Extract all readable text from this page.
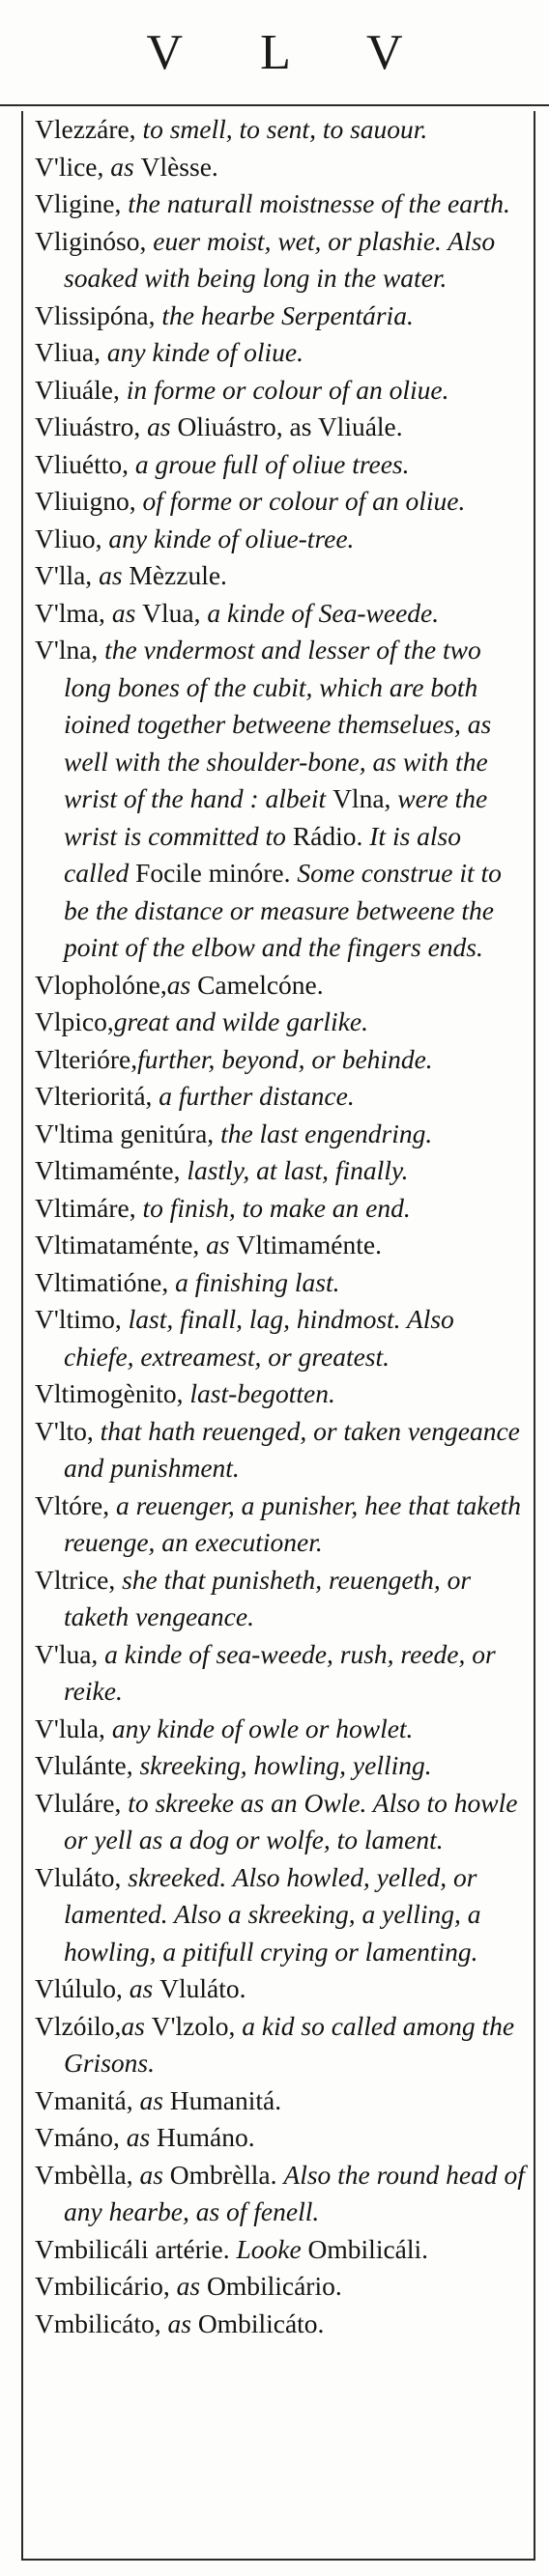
V L V

Vlezzáre, to smell, to sent, to sauour.

V'lice, as Vlèsse.

Vligine, the naturall moistnesse of the earth.

Vliginóso, euer moist, wet, or plashie. Also soaked with being long in the water.

Vlissipóna, the hearbe Serpentária.

Vliua, any kinde of oliue.

Vliuále, in forme or colour of an oliue.

Vliuástro, as Oliuástro, as Vliuále.

Vliuétto, a groue full of oliue trees.

Vliuigno, of forme or colour of an oliue.

Vliuo, any kinde of oliue-tree.

V'lla, as Mèzzule.

V'lma, as Vlua, a kinde of Sea-weede.

V'lna, the vndermost and lesser of the two long bones of the cubit, which are both ioined together betweene themselues, as well with the shoulder-bone, as with the wrist of the hand : albeit Vlna, were the wrist is committed to Rádio. It is also called Focile minóre. Some construe it to be the distance or measure betweene the point of the elbow and the fingers ends.

Vlopholóne,as Camelcóne.

Vlpico,great and wilde garlike.

Vlterióre,further, beyond, or behinde.

Vlterioritá, a further distance.

V'ltima genitúra, the last engendring.

Vltimaménte, lastly, at last, finally.

Vltimáre, to finish, to make an end.

Vltimataménte, as Vltimaménte.

Vltimatióne, a finishing last.

V'ltimo, last, finall, lag, hindmost. Also chiefe, extreamest, or greatest.

Vltimogènito, last-begotten.

V'lto, that hath reuenged, or taken vengeance and punishment.

Vltóre, a reuenger, a punisher, hee that taketh reuenge, an executioner.

Vltrice, she that punisheth, reuengeth, or taketh vengeance.

V'lua, a kinde of sea-weede, rush, reede, or reike.

V'lula, any kinde of owle or howlet.

Vlulánte, skreeking, howling, yelling.

Vluláre, to skreeke as an Owle. Also to howle or yell as a dog or wolfe, to lament.

Vluláto, skreeked. Also howled, yelled, or lamented. Also a skreeking, a yelling, a howling, a pitifull crying or lamenting.

Vlúlulo, as Vluláto.

Vlzóilo,as V'lzolo, a kid so called among the Grisons.

Vmanitá, as Humanitá.

Vmáno, as Humáno.

Vmbèlla, as Ombrèlla. Also the round head of any hearbe, as of fenell.

Vmbilicáli artérie. Looke Ombilicáli.

Vmbilicário, as Ombilicário.

Vmbilicáto, as Ombilicáto.
